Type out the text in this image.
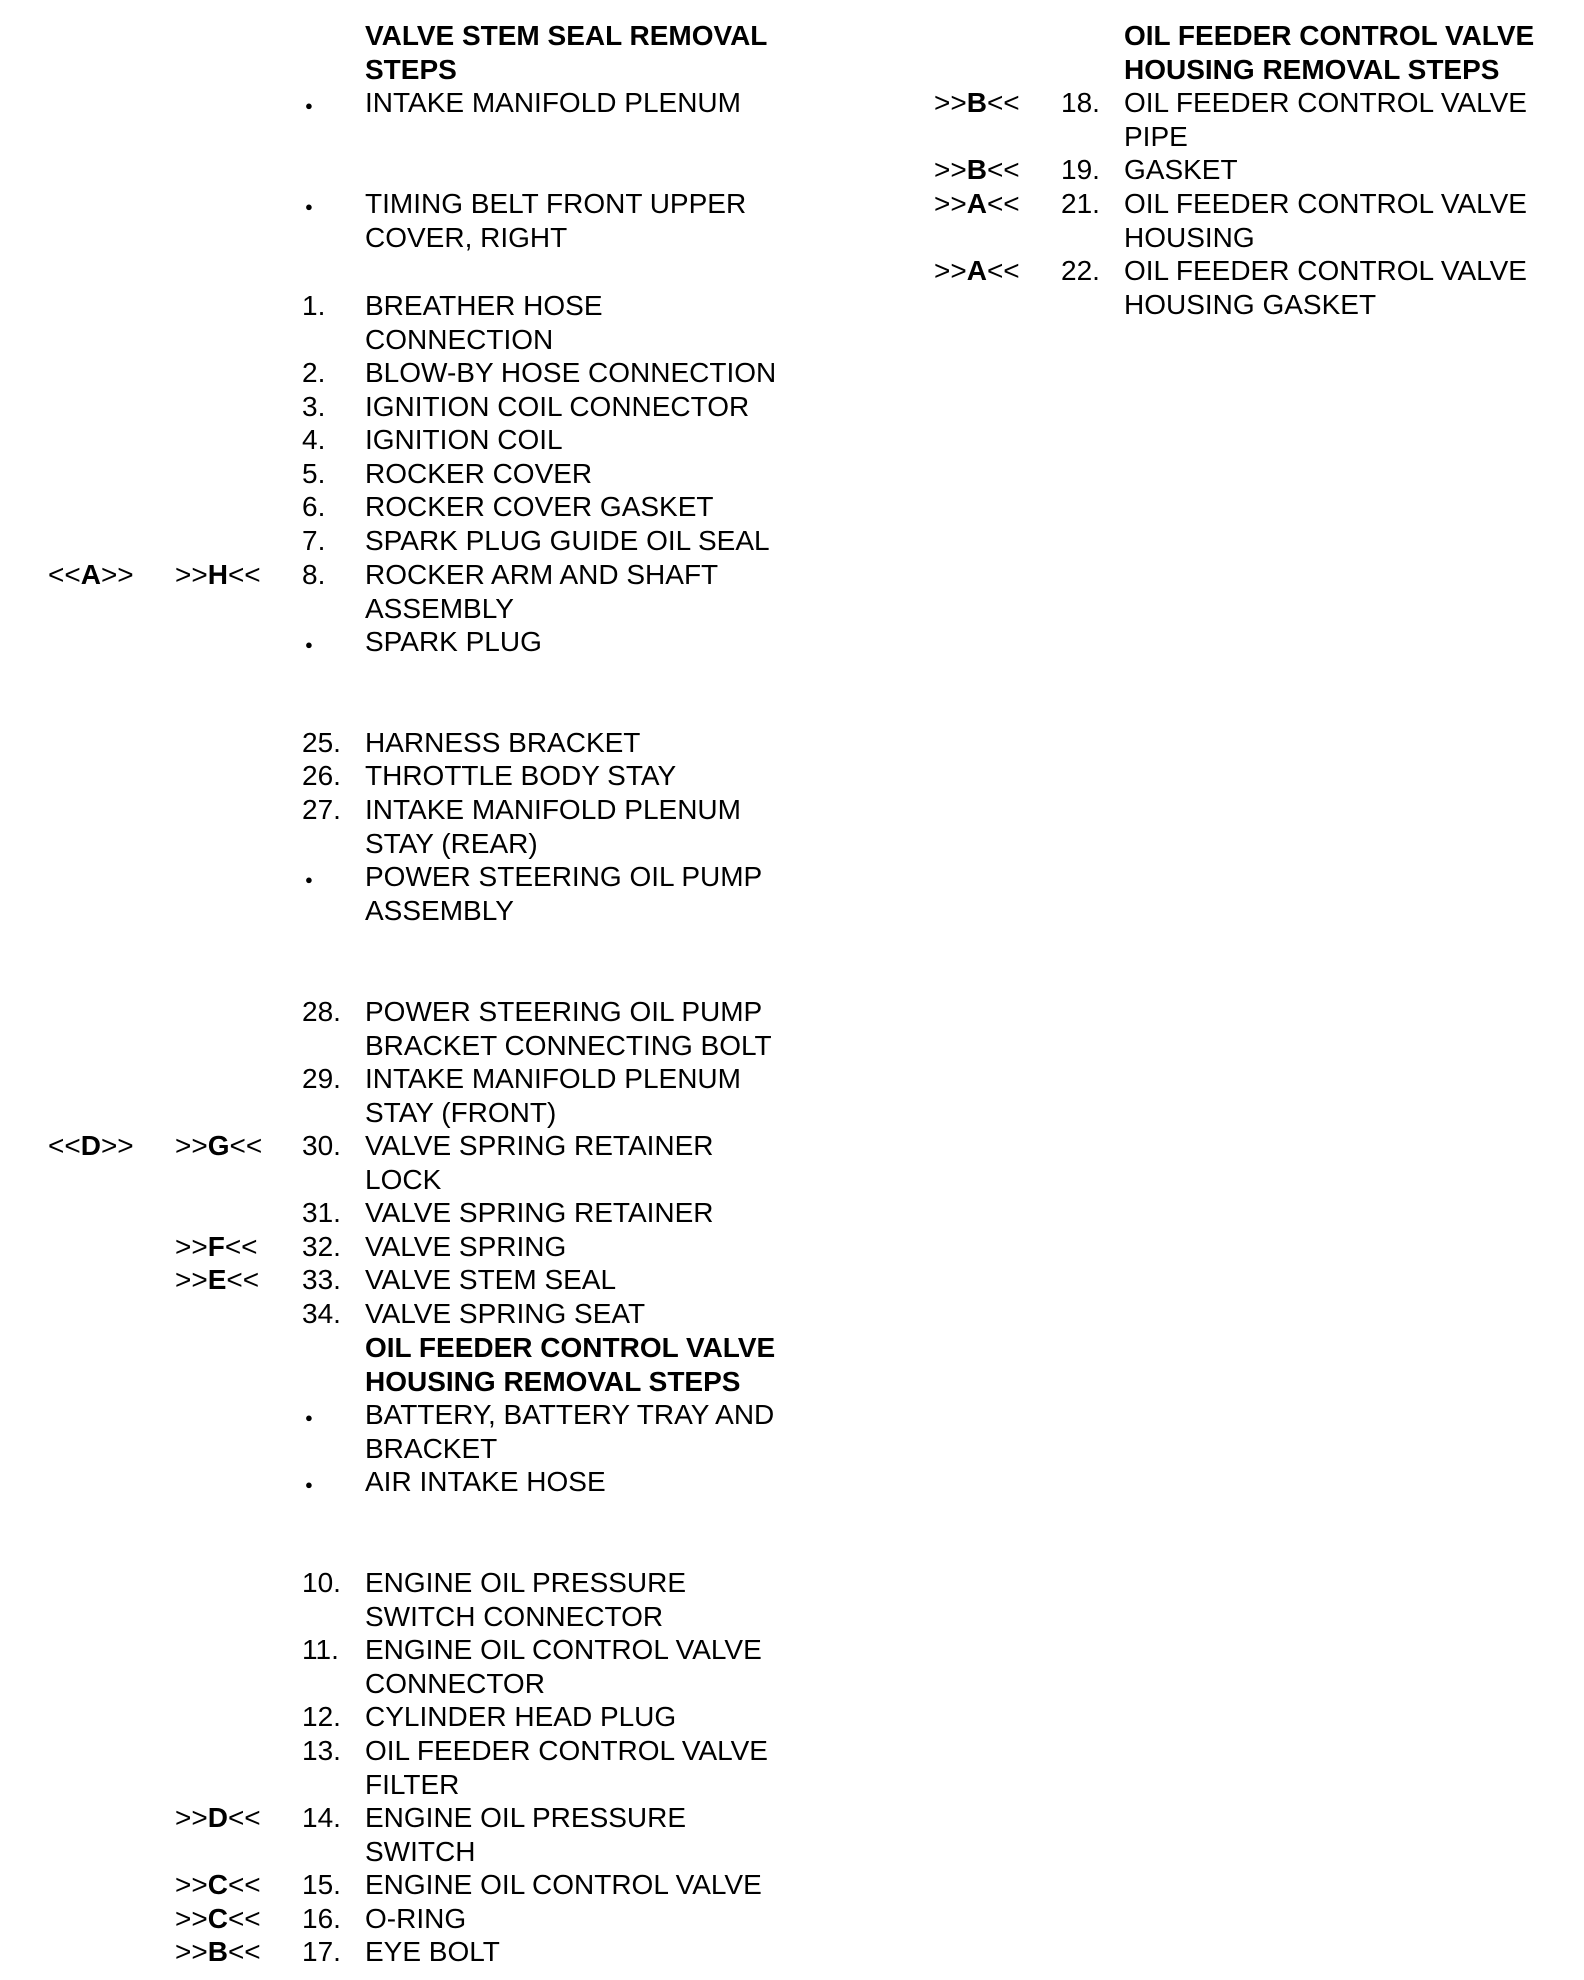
VALVE STEM SEAL REMOVAL
STEPS
● INTAKE MANIFOLD PLENUM
● TIMING BELT FRONT UPPER
COVER, RIGHT
1. BREATHER HOSE
CONNECTION
2. BLOW-BY HOSE CONNECTION
3. IGNITION COIL CONNECTOR
4. IGNITION COIL
5. ROCKER COVER
6. ROCKER COVER GASKET
7. SPARK PLUG GUIDE OIL SEAL
<<A>> >>H<< 8. ROCKER ARM AND SHAFT
ASSEMBLY
● SPARK PLUG
25. HARNESS BRACKET
26. THROTTLE BODY STAY
27. INTAKE MANIFOLD PLENUM
STAY (REAR)
● POWER STEERING OIL PUMP
ASSEMBLY
28. POWER STEERING OIL PUMP
BRACKET CONNECTING BOLT
29. INTAKE MANIFOLD PLENUM
STAY (FRONT)
<<D>> >>G<< 30. VALVE SPRING RETAINER
LOCK
31. VALVE SPRING RETAINER
>>F<< 32. VALVE SPRING
>>E<< 33. VALVE STEM SEAL
34. VALVE SPRING SEAT
OIL FEEDER CONTROL VALVE
HOUSING REMOVAL STEPS
● BATTERY, BATTERY TRAY AND
BRACKET
● AIR INTAKE HOSE
10. ENGINE OIL PRESSURE
SWITCH CONNECTOR
11. ENGINE OIL CONTROL VALVE
CONNECTOR
12. CYLINDER HEAD PLUG
13. OIL FEEDER CONTROL VALVE
FILTER
>>D<< 14. ENGINE OIL PRESSURE
SWITCH
>>C<< 15. ENGINE OIL CONTROL VALVE
>>C<< 16. O-RING
>>B<< 17. EYE BOLT
OIL FEEDER CONTROL VALVE
HOUSING REMOVAL STEPS
>>B<< 18. OIL FEEDER CONTROL VALVE
PIPE
>>B<< 19. GASKET
>>A<< 21. OIL FEEDER CONTROL VALVE
HOUSING
>>A<< 22. OIL FEEDER CONTROL VALVE
HOUSING GASKET
